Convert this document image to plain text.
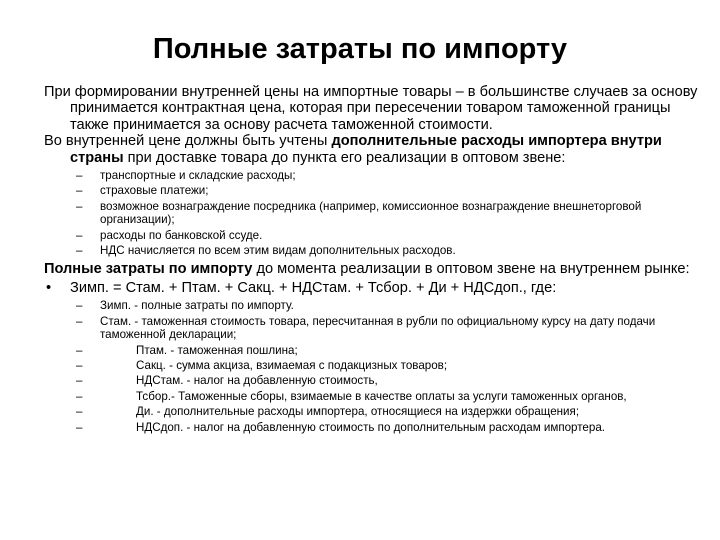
Полные затраты по импорту

При формировании внутренней цены на импортные товары – в большинстве случаев за основу принимается контрактная цена, которая при пересечении товаром таможенной границы также принимается за основу расчета таможенной стоимости.

Во внутренней цене должны быть учтены дополнительные расходы импортера внутри страны при доставке товара до пункта его реализации в оптовом звене:

– транспортные и складские расходы;
– страховые платежи;
– возможное вознаграждение посредника (например, комиссионное вознаграждение внешнеторговой организации);
– расходы по банковской ссуде.
– НДС начисляется по всем этим видам дополнительных расходов.

Полные затраты по импорту до момента реализации в оптовом звене на внутреннем рынке:

• Зимп. = Стам. + Птам. + Сакц. + НДСтам. + Тсбор. + Ди + НДСдоп., где:
– Зимп. - полные затраты по импорту.
– Стам. - таможенная стоимость товара, пересчитанная в рубли по официальному курсу на дату подачи таможенной декларации;
–	Птам. - таможенная пошлина;
–	Сакц. - сумма акциза, взимаемая с подакцизных товаров;
–	НДСтам. - налог на добавленную стоимость,
–	Тсбор.- Таможенные сборы, взимаемые в качестве оплаты за услуги таможенных органов,
–	Ди. - дополнительные расходы импортера, относящиеся на издержки обращения;
–	НДСдоп. - налог на добавленную стоимость по дополнительным расходам импортера.
